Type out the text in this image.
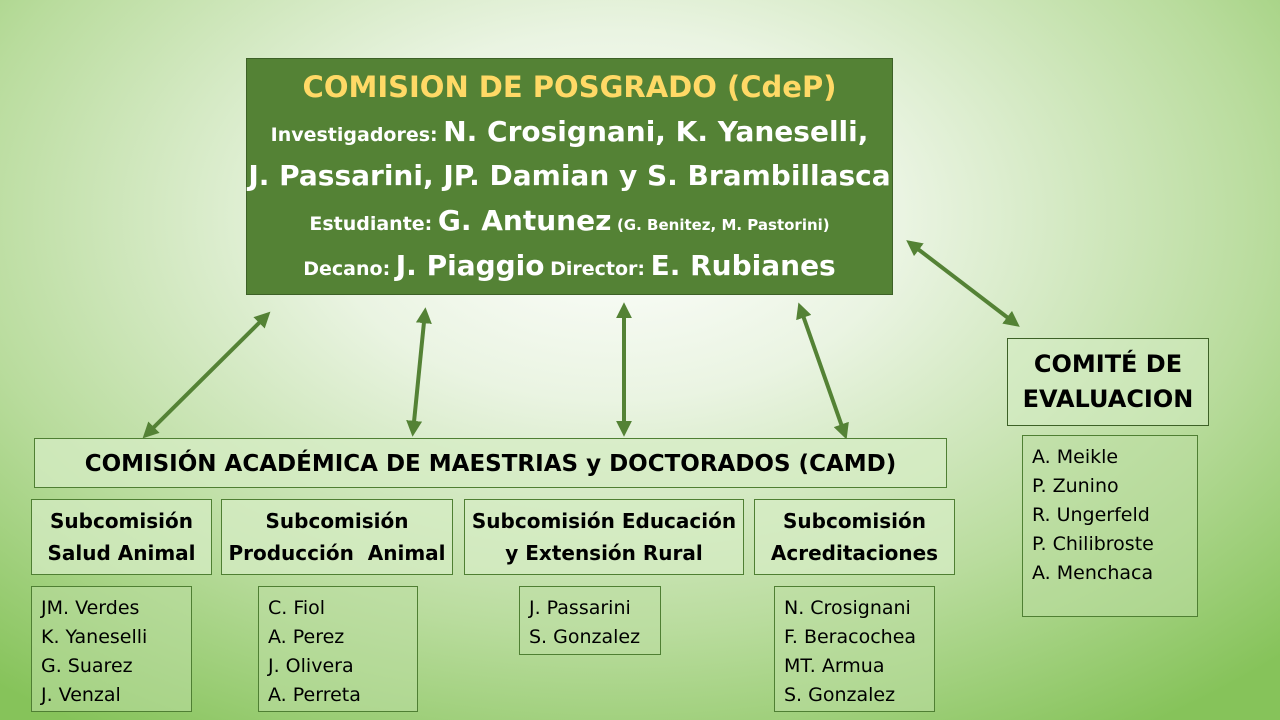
COMISION DE POSGRADO (CdeP)
Investigadores: N. Crosignani, K. Yaneselli,
J. Passarini, JP. Damian y S. Brambillasca
Estudiante: G. Antunez (G. Benitez, M. Pastorini)
Decano: J. Piaggio Director: E. Rubianes
COMISIÓN ACADÉMICA DE MAESTRIAS y DOCTORADOS (CAMD)
Subcomisión
Salud Animal
Subcomisión
Producción  Animal
Subcomisión Educación
y Extensión Rural
Subcomisión
Acreditaciones
JM. Verdes
K. Yaneselli
G. Suarez
J. Venzal
C. Fiol
A. Perez
J. Olivera
A. Perreta
J. Passarini
S. Gonzalez
N. Crosignani
F. Beracochea
MT. Armua
S. Gonzalez
COMITÉ DE
EVALUACION
A. Meikle
P. Zunino
R. Ungerfeld
P. Chilibroste
A. Menchaca
